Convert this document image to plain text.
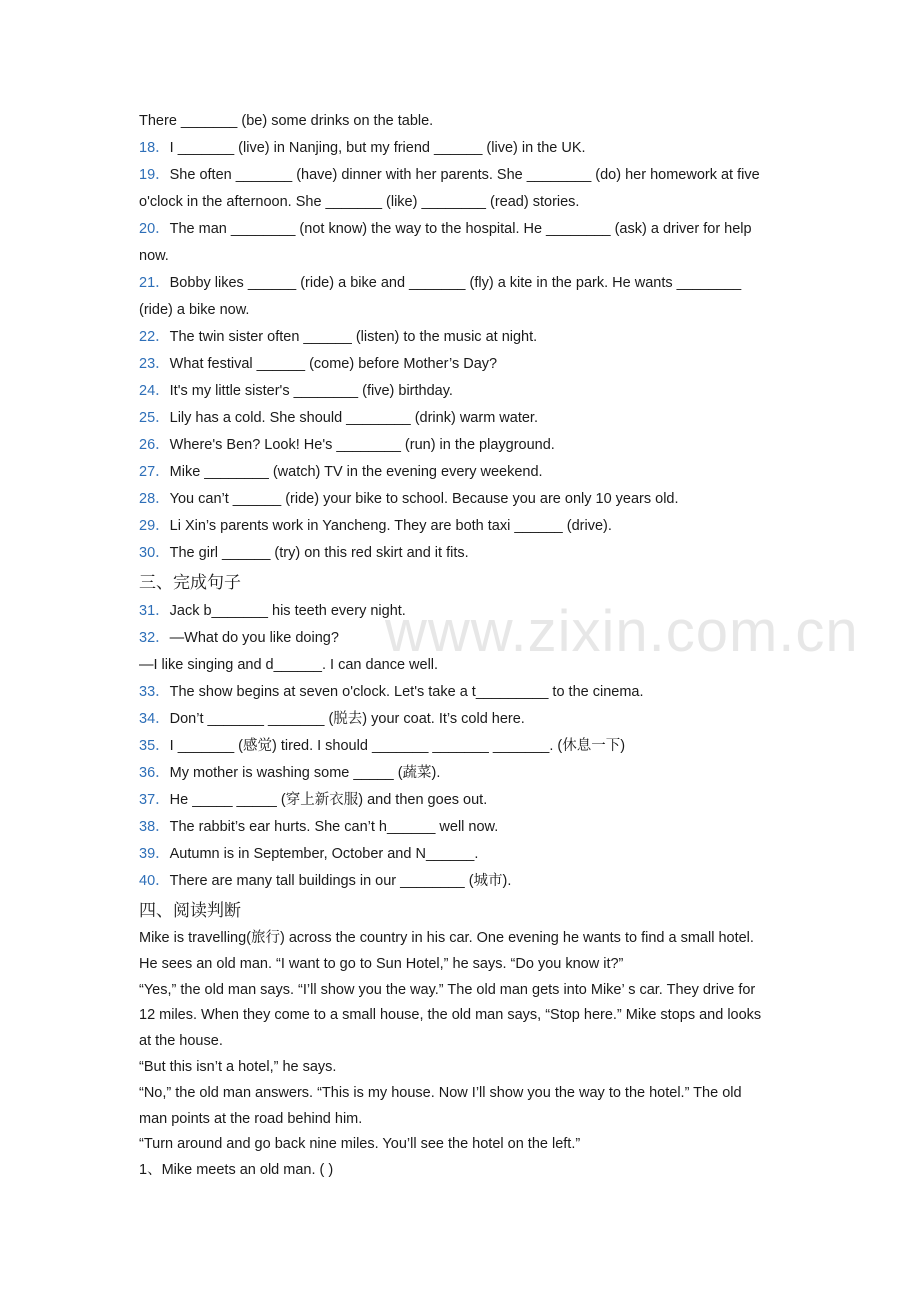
www.zixin.com.cn
There _______ (be) some drinks on the table.
18．I _______ (live) in Nanjing, but my friend ______ (live) in the UK.
19．She often _______ (have) dinner with her parents. She ________ (do) her homework at five
o'clock in the afternoon. She _______ (like) ________ (read) stories.
20．The man ________ (not know) the way to the hospital. He ________ (ask) a driver for help
now.
21．Bobby likes ______ (ride) a bike and _______ (fly) a kite in the park. He wants ________
(ride) a bike now.
22．The twin sister often ______ (listen) to the music at night.
23．What festival ______ (come) before Mother’s Day?
24．It's my little sister's ________ (five) birthday.
25．Lily has a cold. She should ________ (drink) warm water.
26．Where's Ben? Look! He's ________ (run) in the playground.
27．Mike ________ (watch) TV in the evening every weekend.
28．You can’t ______ (ride) your bike to school. Because you are only 10 years old.
29．Li Xin’s parents work in Yancheng. They are both taxi ______ (drive).
30．The girl ______ (try) on this red skirt and it fits.
三、完成句子
31．Jack b_______ his teeth every night.
32．—What do you like doing?
—I like singing and d______. I can dance well.
33．The show begins at seven o'clock. Let's take a t_________ to the cinema.
34．Don’t _______ _______ (脱去) your coat. It’s cold here.
35．I _______ (感觉) tired. I should _______ _______ _______. (休息一下)
36．My mother is washing some _____ (蔬菜).
37．He _____ _____ (穿上新衣服) and then goes out.
38．The rabbit’s ear hurts. She can’t h______ well now.
39．Autumn is in September, October and N______.
40．There are many tall buildings in our ________ (城市).
四、阅读判断
Mike is travelling(旅行) across the country in his car. One evening he wants to find a small hotel.
He sees an old man. “I want to go to Sun Hotel,” he says. “Do you know it?”
“Yes,” the old man says. “I’ll show you the way.” The old man gets into Mike’ s car. They drive for
12 miles. When they come to a small house, the old man says, “Stop here.” Mike stops and looks
at the house.
“But this isn’t a hotel,” he says.
“No,” the old man answers. “This is my house. Now I’ll show you the way to the hotel.” The old
man points at the road behind him.
“Turn around and go back nine miles. You’ll see the hotel on the left.”
1、Mike meets an old man. ( )
